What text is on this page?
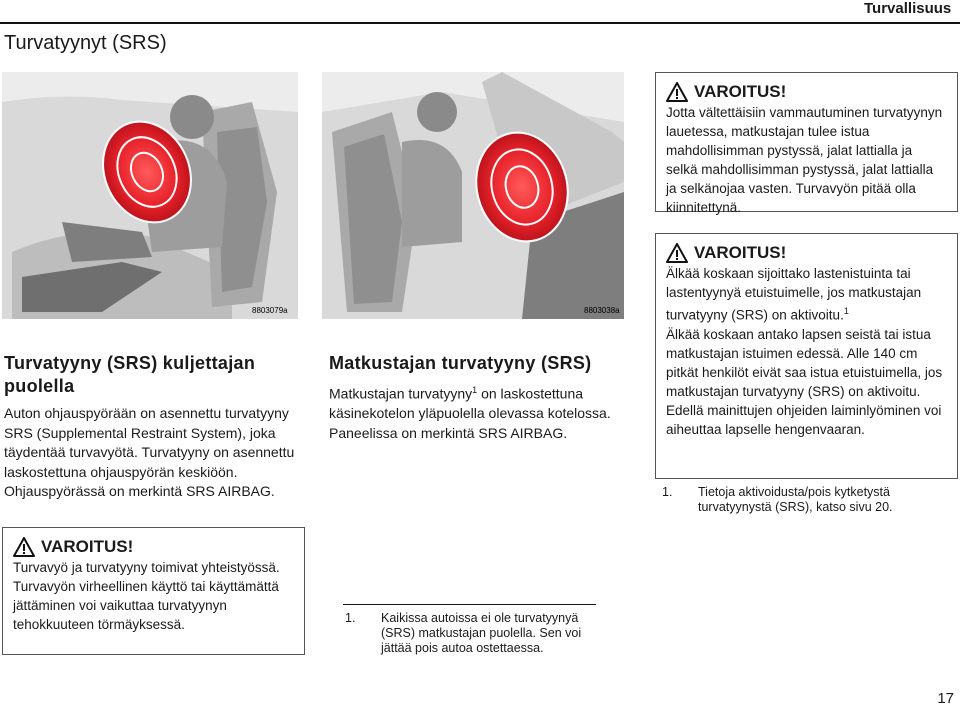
Turvallisuus
Turvatyynyt (SRS)
8803079a	8803038a
Turvatyyny (SRS) kuljettajan puolella
Auton ohjauspyörään on asennettu turvatyyny SRS (Supplemental Restraint System), joka täydentää turvavyötä. Turvatyyny on asennettu laskostettuna ohjauspyörän keskiöön. Ohjauspyörässä on merkintä SRS AIRBAG.
Matkustajan turvatyyny (SRS)
Matkustajan turvatyyny$^1$ on laskostettuna käsinekotelon yläpuolella olevassa kotelossa. Paneelissa on merkintä SRS AIRBAG.
VAROITUS!
Jotta vältettäisiin vammautuminen turvatyynyn lauetessa, matkustajan tulee istua mahdollisimman pystyssä, jalat lattialla ja selkä mahdollisimman pystyssä, jalat lattialla ja selkänojaa vasten. Turvavyön pitää olla kiinnitettynä.
VAROITUS!
Älkää koskaan sijoittako lastenistuinta tai lastentyynyä etuistuimelle, jos matkustajan turvatyyny (SRS) on aktivoitu.$^1$
Älkää koskaan antako lapsen seistä tai istua matkustajan istuimen edessä. Alle 140 cm pitkät henkilöt eivät saa istua etuistuimella, jos matkustajan turvatyyny (SRS) on aktivoitu.
Edellä mainittujen ohjeiden laiminlyöminen voi aiheuttaa lapselle hengenvaaran.
VAROITUS!
Turvavyö ja turvatyyny toimivat yhteistyössä. Turvavyön virheellinen käyttö tai käyttämättä jättäminen voi vaikuttaa turvatyynyn tehokkuuteen törmäyksessä.	1.	Kaikissa autoissa ei ole turvatyynyä (SRS) matkustajan puolella. Sen voi jättää pois autoa ostettaessa.
1.	Tietoja aktivoidusta/pois kytketystä turvatyynystä (SRS), katso sivu 20.
17
